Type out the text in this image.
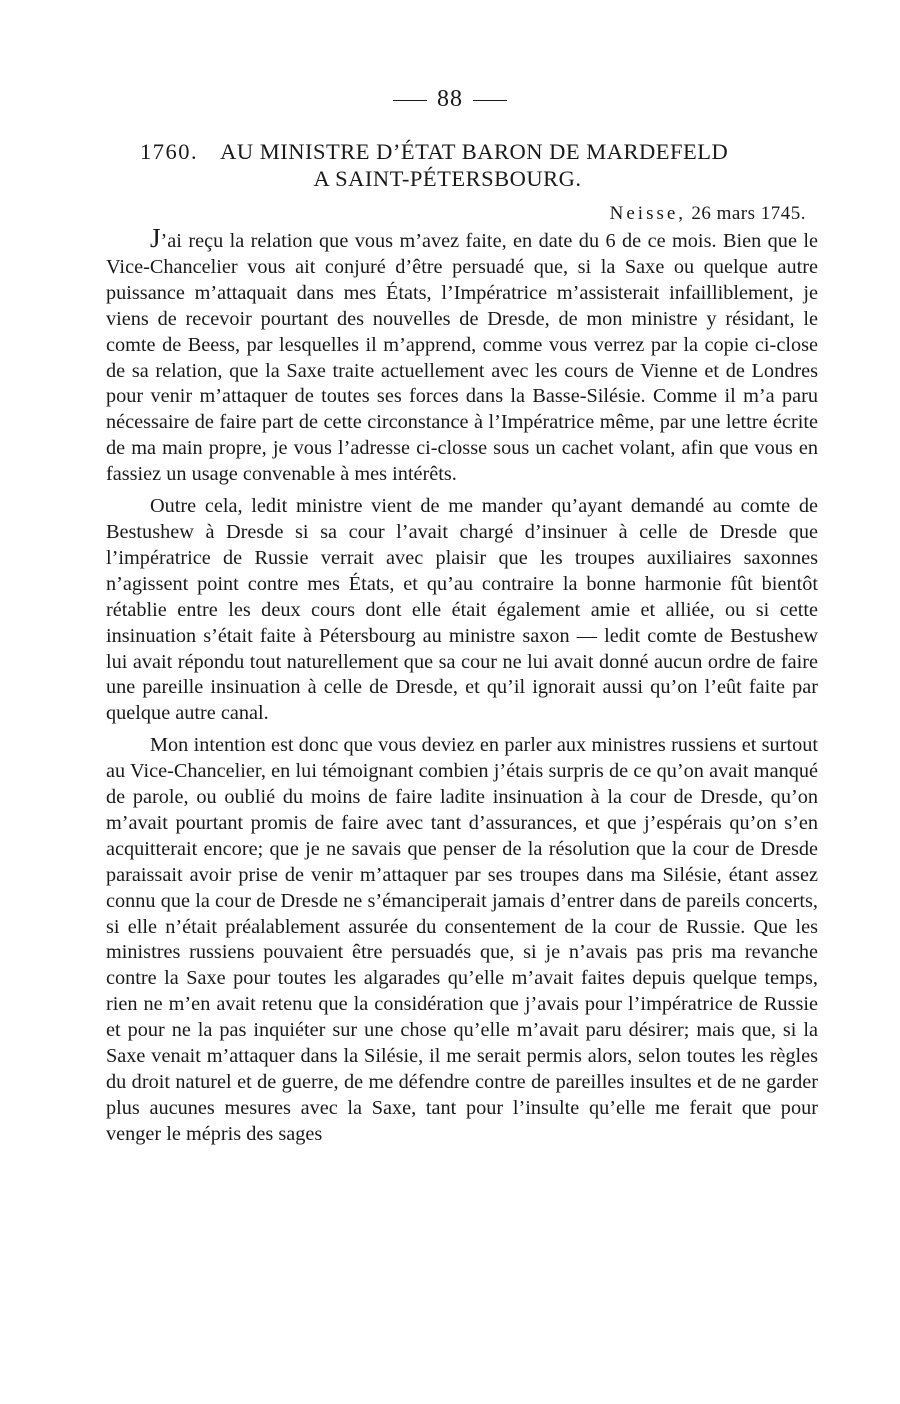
88
1760. AU MINISTRE D’ÉTAT BARON DE MARDEFELD
A SAINT-PÉTERSBOURG.
Neisse, 26 mars 1745.

J’ai reçu la relation que vous m’avez faite, en date du 6 de ce mois. Bien que le Vice-Chancelier vous ait conjuré d’être persuadé que, si la Saxe ou quelque autre puissance m’attaquait dans mes États, l’Impératrice m’assisterait infailliblement, je viens de recevoir pourtant des nouvelles de Dresde, de mon ministre y résidant, le comte de Beess, par lesquelles il m’apprend, comme vous verrez par la copie ci-close de sa relation, que la Saxe traite actuellement avec les cours de Vienne et de Londres pour venir m’attaquer de toutes ses forces dans la Basse-Silésie. Comme il m’a paru nécessaire de faire part de cette circonstance à l’Impératrice même, par une lettre écrite de ma main propre, je vous l’adresse ci-closse sous un cachet volant, afin que vous en fassiez un usage convenable à mes intérêts.

Outre cela, ledit ministre vient de me mander qu’ayant demandé au comte de Bestushew à Dresde si sa cour l’avait chargé d’insinuer à celle de Dresde que l’impératrice de Russie verrait avec plaisir que les troupes auxiliaires saxonnes n’agissent point contre mes États, et qu’au contraire la bonne harmonie fût bientôt rétablie entre les deux cours dont elle était également amie et alliée, ou si cette insinuation s’était faite à Pétersbourg au ministre saxon — ledit comte de Bestushew lui avait répondu tout naturellement que sa cour ne lui avait donné aucun ordre de faire une pareille insinuation à celle de Dresde, et qu’il ignorait aussi qu’on l’eût faite par quelque autre canal.

Mon intention est donc que vous deviez en parler aux ministres russiens et surtout au Vice-Chancelier, en lui témoignant combien j’étais surpris de ce qu’on avait manqué de parole, ou oublié du moins de faire ladite insinuation à la cour de Dresde, qu’on m’avait pourtant promis de faire avec tant d’assurances, et que j’espérais qu’on s’en acquitterait encore; que je ne savais que penser de la résolution que la cour de Dresde paraissait avoir prise de venir m’attaquer par ses troupes dans ma Silésie, étant assez connu que la cour de Dresde ne s’émanciperait jamais d’entrer dans de pareils concerts, si elle n’était préalablement assurée du consentement de la cour de Russie. Que les ministres russiens pouvaient être persuadés que, si je n’avais pas pris ma revanche contre la Saxe pour toutes les algarades qu’elle m’avait faites depuis quelque temps, rien ne m’en avait retenu que la considération que j’avais pour l’impératrice de Russie et pour ne la pas inquiéter sur une chose qu’elle m’avait paru désirer; mais que, si la Saxe venait m’attaquer dans la Silésie, il me serait permis alors, selon toutes les règles du droit naturel et de guerre, de me défendre contre de pareilles insultes et de ne garder plus aucunes mesures avec la Saxe, tant pour l’insulte qu’elle me ferait que pour venger le mépris des sages
